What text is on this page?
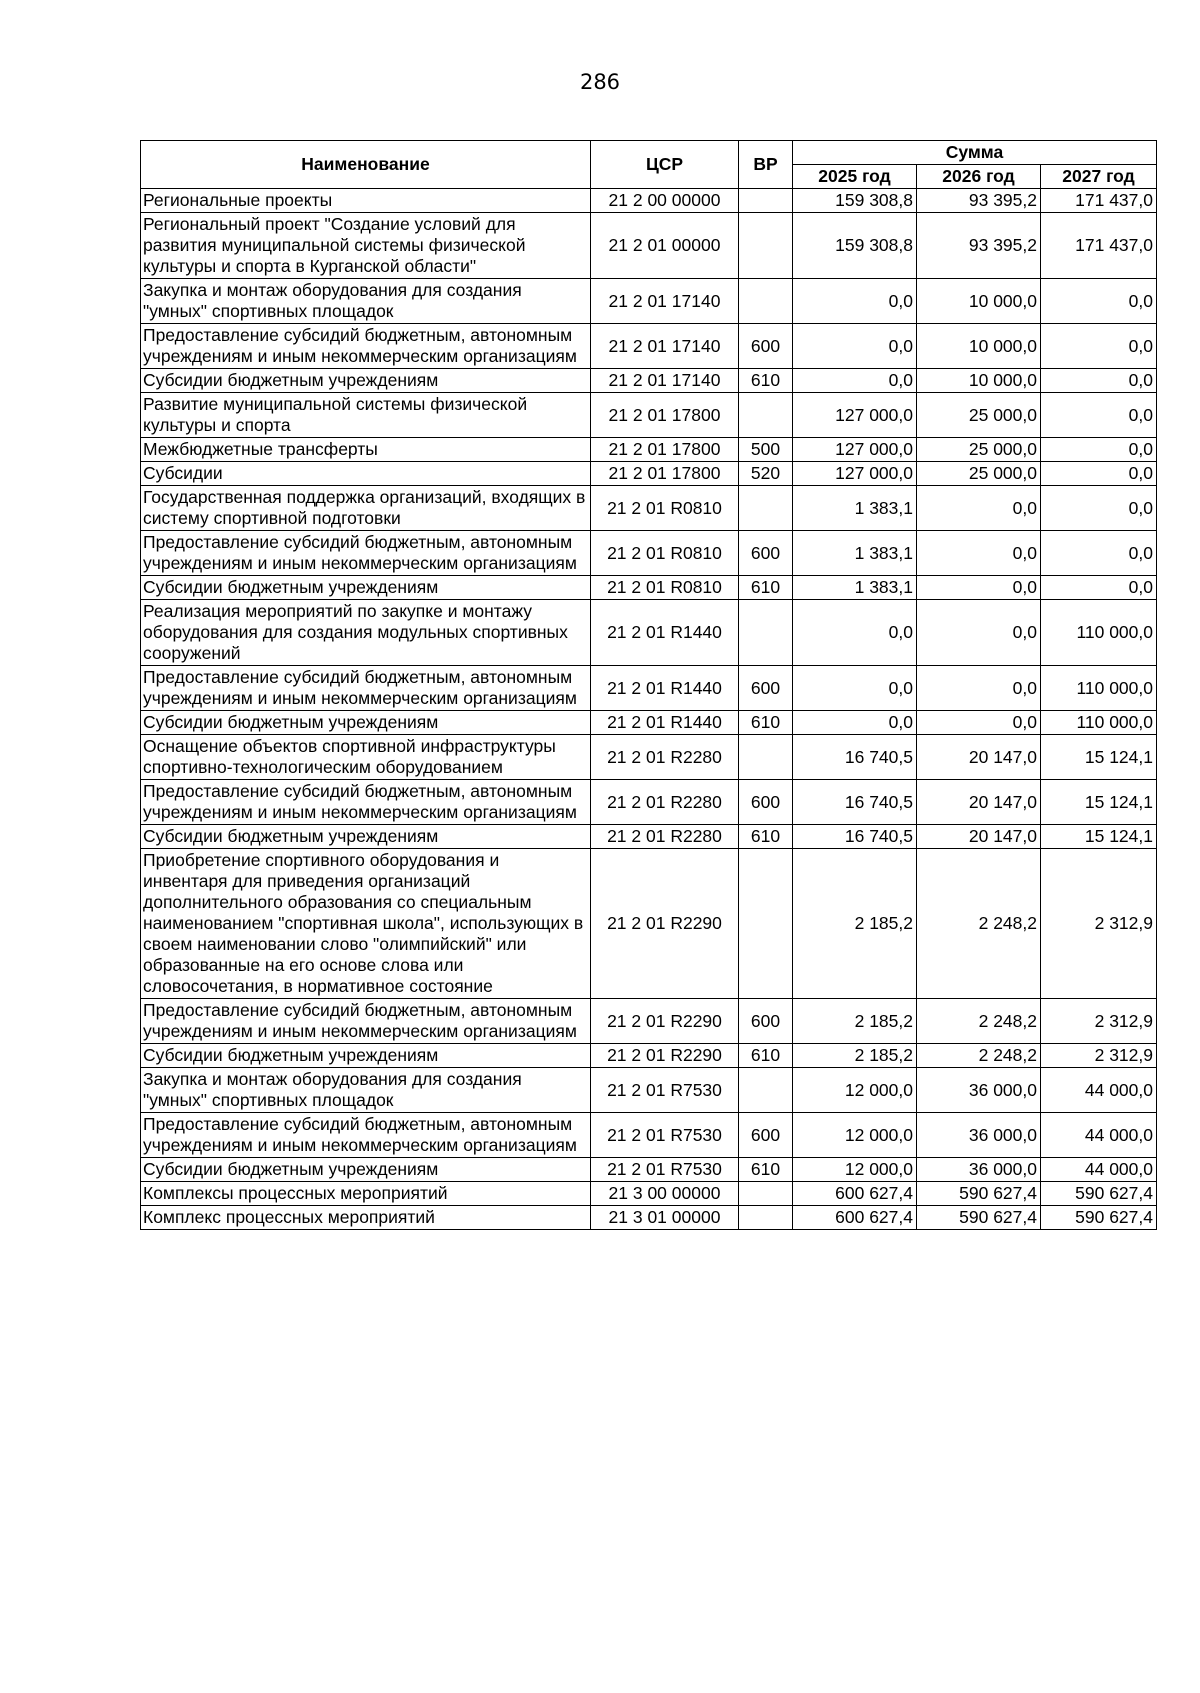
286
Наименование	ЦСР	ВР	Сумма		
			2025 год	2026 год	2027 год
Региональные проекты	21 2 00 00000		159 308,8	93 395,2	171 437,0
Региональный проект "Создание условий для развития муниципальной системы физической культуры и спорта в Курганской области"	21 2 01 00000		159 308,8	93 395,2	171 437,0
Закупка и монтаж оборудования для создания "умных" спортивных площадок	21 2 01 17140		0,0	10 000,0	0,0
Предоставление субсидий бюджетным, автономным учреждениям и иным некоммерческим организациям	21 2 01 17140	600	0,0	10 000,0	0,0
Субсидии бюджетным учреждениям	21 2 01 17140	610	0,0	10 000,0	0,0
Развитие муниципальной системы физической культуры и спорта	21 2 01 17800		127 000,0	25 000,0	0,0
Межбюджетные трансферты	21 2 01 17800	500	127 000,0	25 000,0	0,0
Субсидии	21 2 01 17800	520	127 000,0	25 000,0	0,0
Государственная поддержка организаций, входящих в систему спортивной подготовки	21 2 01 R0810		1 383,1	0,0	0,0
Предоставление субсидий бюджетным, автономным учреждениям и иным некоммерческим организациям	21 2 01 R0810	600	1 383,1	0,0	0,0
Субсидии бюджетным учреждениям	21 2 01 R0810	610	1 383,1	0,0	0,0
Реализация мероприятий по закупке и монтажу оборудования для создания модульных спортивных сооружений	21 2 01 R1440		0,0	0,0	110 000,0
Предоставление субсидий бюджетным, автономным учреждениям и иным некоммерческим организациям	21 2 01 R1440	600	0,0	0,0	110 000,0
Субсидии бюджетным учреждениям	21 2 01 R1440	610	0,0	0,0	110 000,0
Оснащение объектов спортивной инфраструктуры спортивно-технологическим оборудованием	21 2 01 R2280		16 740,5	20 147,0	15 124,1
Предоставление субсидий бюджетным, автономным учреждениям и иным некоммерческим организациям	21 2 01 R2280	600	16 740,5	20 147,0	15 124,1
Субсидии бюджетным учреждениям	21 2 01 R2280	610	16 740,5	20 147,0	15 124,1
Приобретение спортивного оборудования и инвентаря для приведения организаций дополнительного образования со специальным наименованием "спортивная школа", использующих в своем наименовании слово "олимпийский" или образованные на его основе слова или словосочетания, в нормативное состояние	21 2 01 R2290		2 185,2	2 248,2	2 312,9
Предоставление субсидий бюджетным, автономным учреждениям и иным некоммерческим организациям	21 2 01 R2290	600	2 185,2	2 248,2	2 312,9
Субсидии бюджетным учреждениям	21 2 01 R2290	610	2 185,2	2 248,2	2 312,9
Закупка и монтаж оборудования для создания "умных" спортивных площадок	21 2 01 R7530		12 000,0	36 000,0	44 000,0
Предоставление субсидий бюджетным, автономным учреждениям и иным некоммерческим организациям	21 2 01 R7530	600	12 000,0	36 000,0	44 000,0
Субсидии бюджетным учреждениям	21 2 01 R7530	610	12 000,0	36 000,0	44 000,0
Комплексы процессных мероприятий	21 3 00 00000		600 627,4	590 627,4	590 627,4
Комплекс процессных мероприятий	21 3 01 00000		600 627,4	590 627,4	590 627,4
